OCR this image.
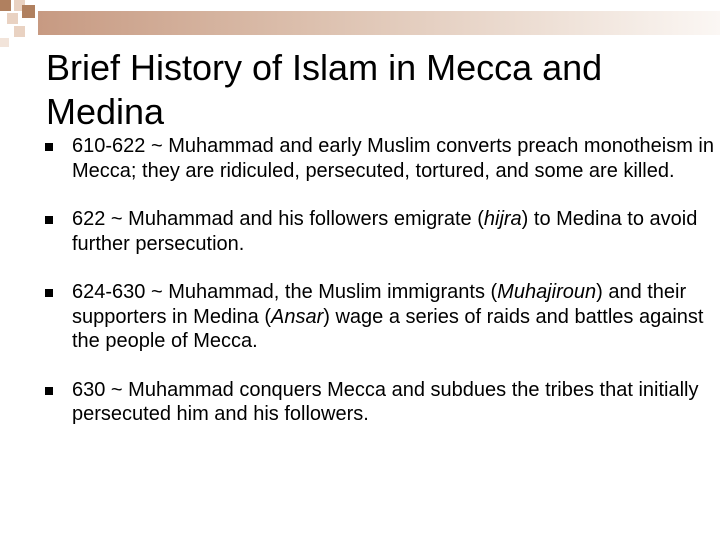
Brief History of Islam in Mecca and Medina
610-622 ~ Muhammad and early Muslim converts preach monotheism in Mecca; they are ridiculed, persecuted, tortured, and some are killed.
622 ~ Muhammad and his followers emigrate (hijra) to Medina to avoid further persecution.
624-630 ~ Muhammad, the Muslim immigrants (Muhajiroun) and their supporters in Medina (Ansar) wage a series of raids and battles against the people of Mecca.
630 ~ Muhammad conquers Mecca and subdues the tribes that initially persecuted him and his followers.
